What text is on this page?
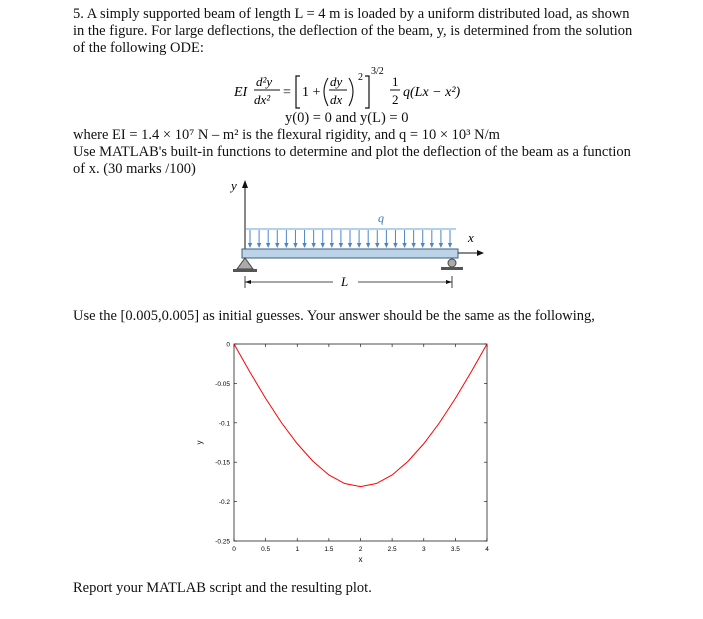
5. A simply supported beam of length L = 4 m is loaded by a uniform distributed load, as shown
in the figure. For large deflections, the deflection of the beam, y, is determined from the solution
of the following ODE:
EI
d²y
dx² = 1 +
dy
dx
2
3/2
1
2 q(Lx − x²)
y(0) = 0 and y(L) = 0
where EI = 1.4 × 10⁷ N – m² is the flexural rigidity, and q = 10 × 10³ N/m
Use MATLAB's built-in functions to determine and plot the deflection of the beam as a function
of x. (30 marks /100)
y
q
x
L
Use the [0.005,0.005] as initial guesses. Your answer should be the same as the following,
0	0.5	1	1.5	2	2.5	3	3.5	4
0
-0.05
-0.1
-0.15
-0.2
-0.25
x
y
Report your MATLAB script and the resulting plot.
